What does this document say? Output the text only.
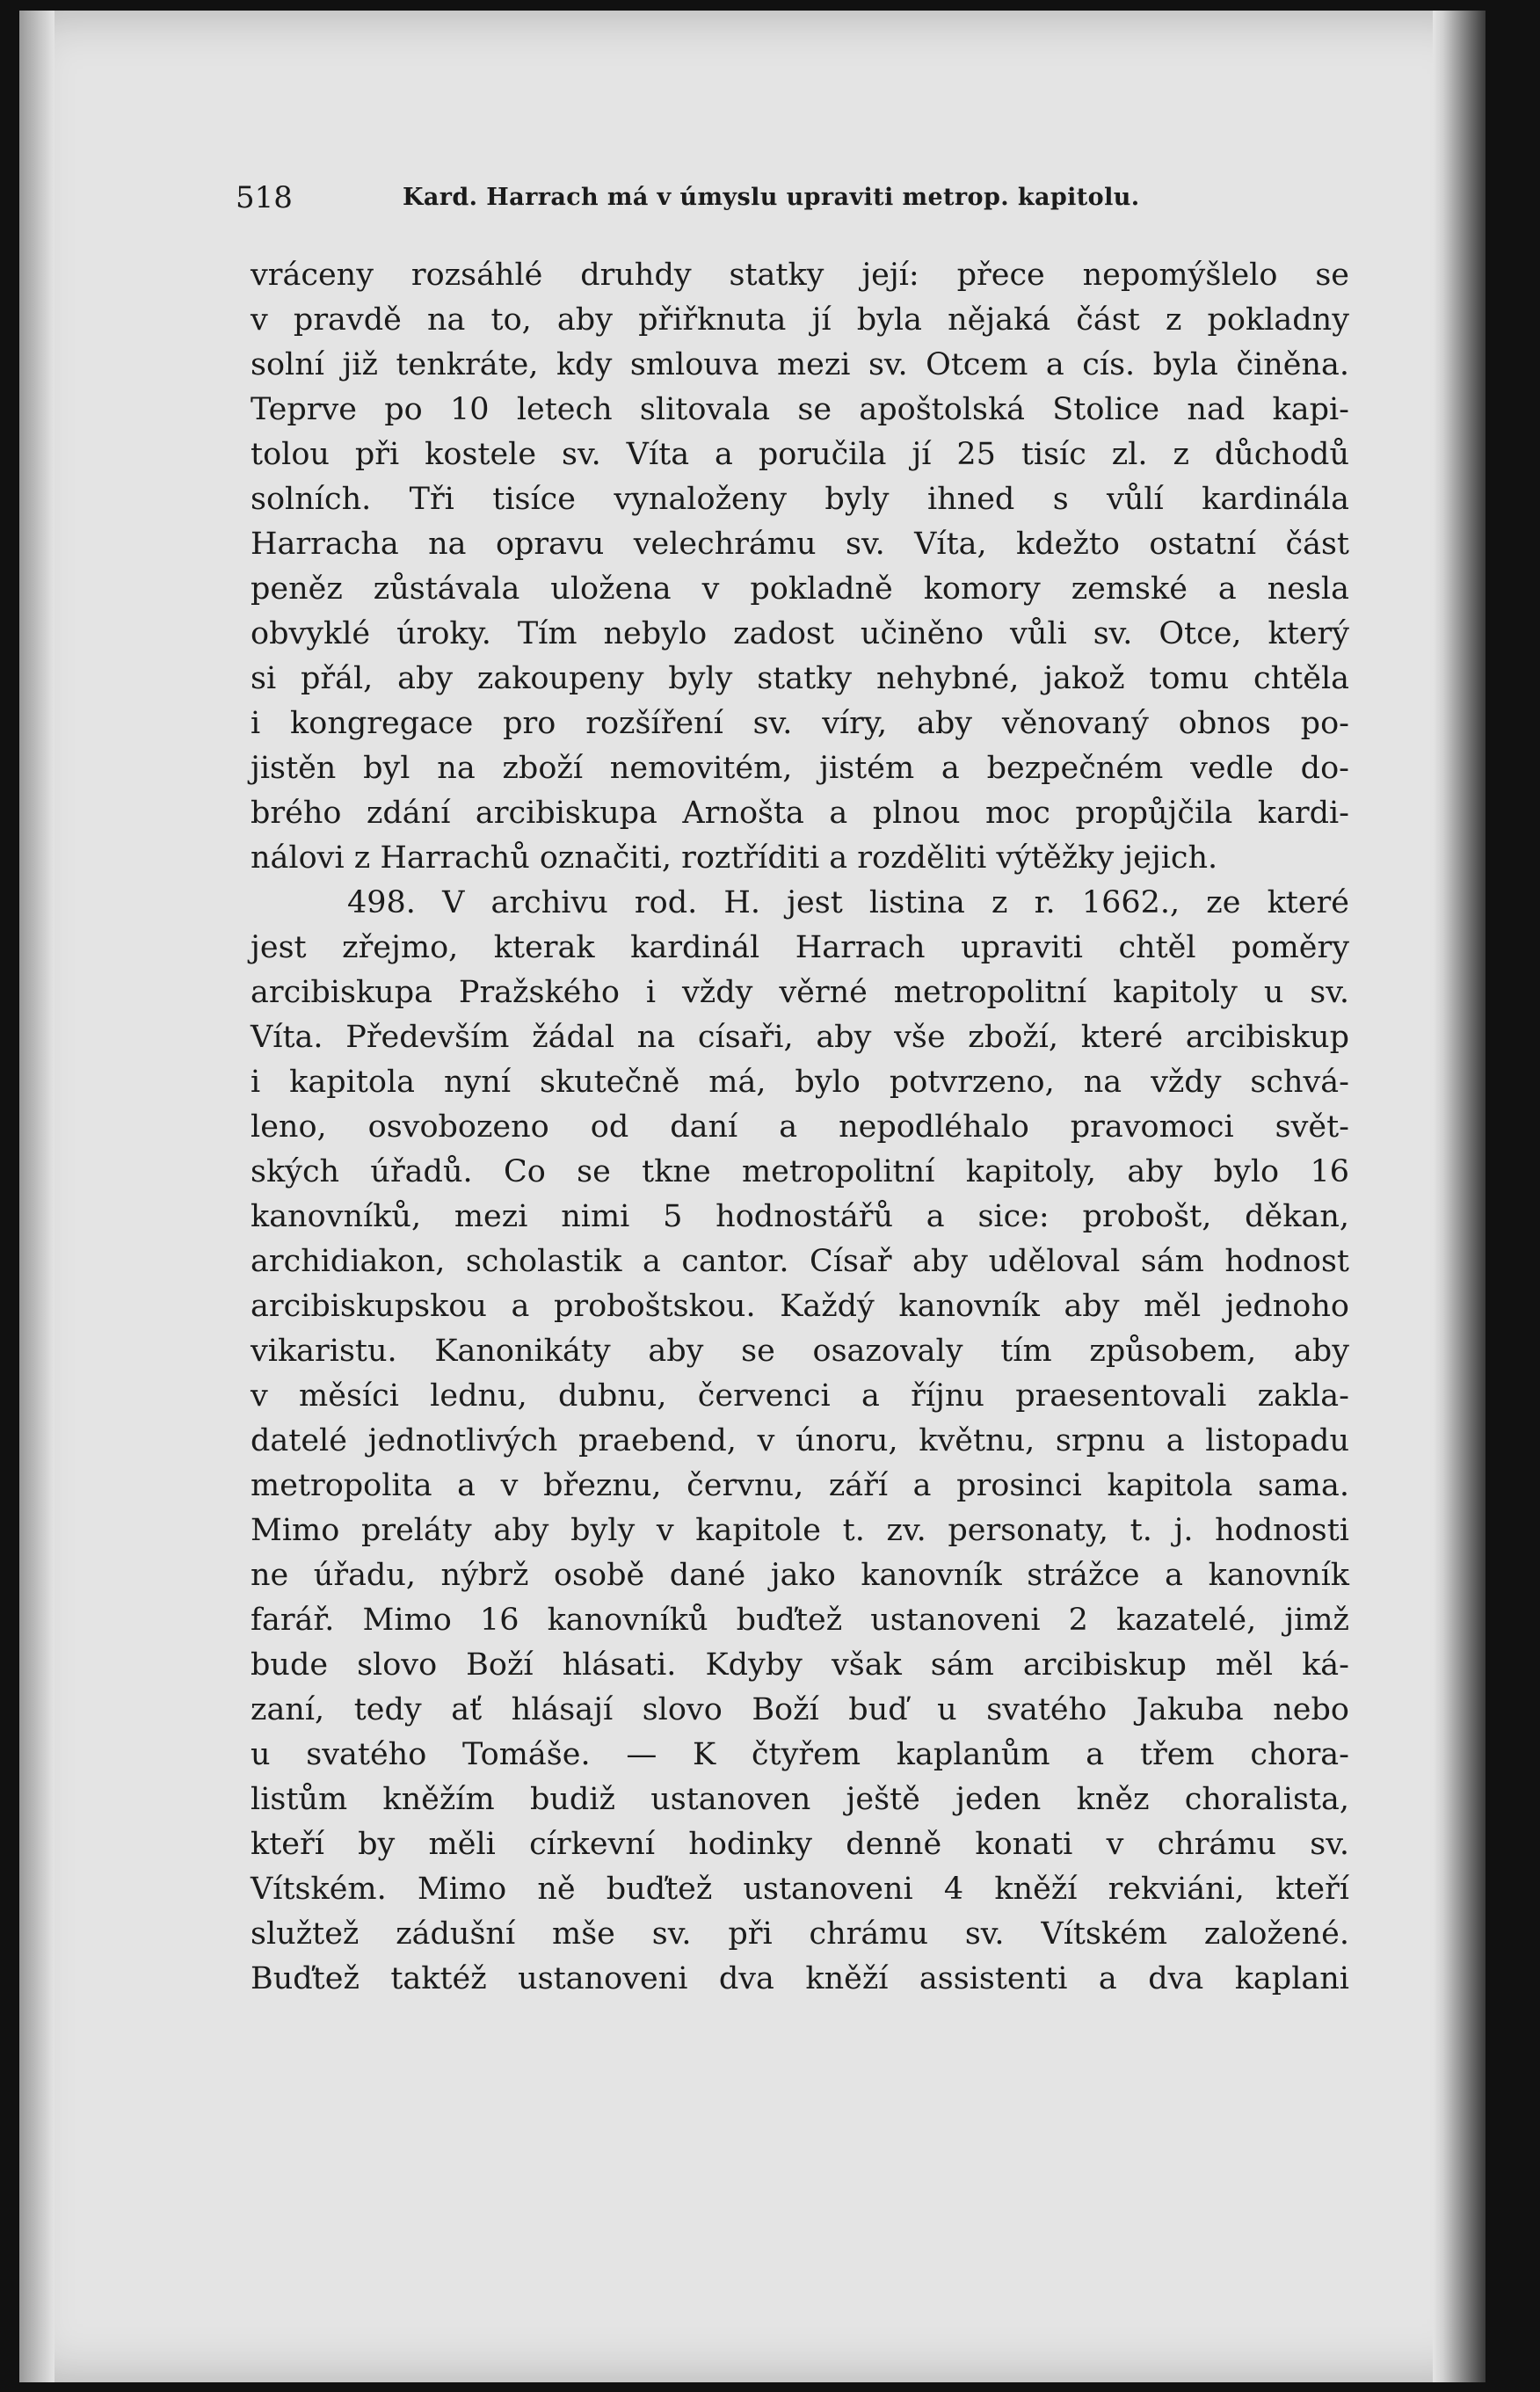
518	Kard. Harrach má v úmyslu upraviti metrop. kapitolu.
vráceny rozsáhlé druhdy statky její: přece nepomýšlelo se
v pravdě na to, aby přiřknuta jí byla nějaká část z pokladny
solní již tenkráte, kdy smlouva mezi sv. Otcem a cís. byla činěna.
Teprve po 10 letech slitovala se apoštolská Stolice nad kapi-
tolou při kostele sv. Víta a poručila jí 25 tisíc zl. z důchodů
solních. Tři tisíce vynaloženy byly ihned s vůlí kardinála
Harracha na opravu velechrámu sv. Víta, kdežto ostatní část
peněz zůstávala uložena v pokladně komory zemské a nesla
obvyklé úroky. Tím nebylo zadost učiněno vůli sv. Otce, který
si přál, aby zakoupeny byly statky nehybné, jakož tomu chtěla
i kongregace pro rozšíření sv. víry, aby věnovaný obnos po-
jistěn byl na zboží nemovitém, jistém a bezpečném vedle do-
brého zdání arcibiskupa Arnošta a plnou moc propůjčila kardi-
nálovi z Harrachů označiti, roztříditi a rozděliti výtěžky jejich.
498. V archivu rod. H. jest listina z r. 1662., ze které
jest zřejmo, kterak kardinál Harrach upraviti chtěl poměry
arcibiskupa Pražského i vždy věrné metropolitní kapitoly u sv.
Víta. Především žádal na císaři, aby vše zboží, které arcibiskup
i kapitola nyní skutečně má, bylo potvrzeno, na vždy schvá-
leno, osvobozeno od daní a nepodléhalo pravomoci svět-
ských úřadů. Co se tkne metropolitní kapitoly, aby bylo 16
kanovníků, mezi nimi 5 hodnostářů a sice: probošt, děkan,
archidiakon, scholastik a cantor. Císař aby uděloval sám hodnost
arcibiskupskou a proboštskou. Každý kanovník aby měl jednoho
vikaristu. Kanonikáty aby se osazovaly tím způsobem, aby
v měsíci lednu, dubnu, červenci a říjnu praesentovali zakla-
datelé jednotlivých praebend, v únoru, květnu, srpnu a listopadu
metropolita a v březnu, červnu, září a prosinci kapitola sama.
Mimo preláty aby byly v kapitole t. zv. personaty, t. j. hodnosti
ne úřadu, nýbrž osobě dané jako kanovník strážce a kanovník
farář. Mimo 16 kanovníků buďtež ustanoveni 2 kazatelé, jimž
bude slovo Boží hlásati. Kdyby však sám arcibiskup měl ká-
zaní, tedy ať hlásají slovo Boží buď u svatého Jakuba nebo
u svatého Tomáše. — K čtyřem kaplanům a třem chora-
listům kněžím budiž ustanoven ještě jeden kněz choralista,
kteří by měli církevní hodinky denně konati v chrámu sv.
Vítském. Mimo ně buďtež ustanoveni 4 kněží rekviáni, kteří
služtež zádušní mše sv. při chrámu sv. Vítském založené.
Buďtež taktéž ustanoveni dva kněží assistenti a dva kaplani
